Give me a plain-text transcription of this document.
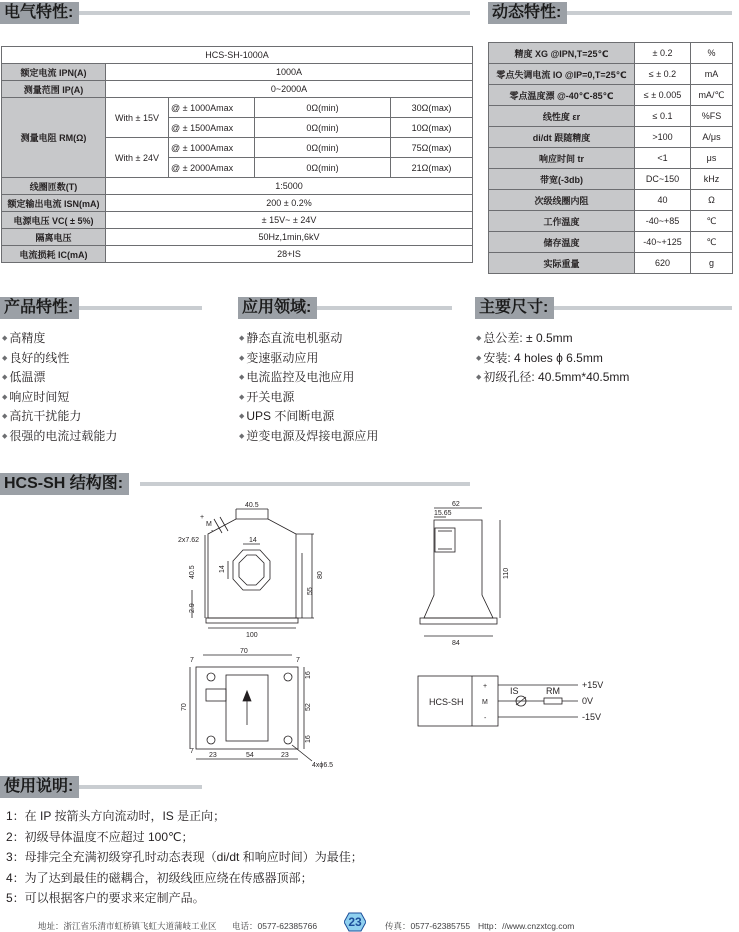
电气特性:	动态特性:
HCS-SH-1000A				
额定电流 IPN(A)	1000A			
测量范围 IP(A)	0~2000A			
测量电阻 RM(Ω)	With ± 15V	@ ± 1000Amax	0Ω(min)	30Ω(max)
		@ ± 1500Amax	0Ω(min)	10Ω(max)
	With ± 24V	@ ± 1000Amax	0Ω(min)	75Ω(max)
		@ ± 2000Amax	0Ω(min)	21Ω(max)
线圈匝数(T)	1:5000			
额定输出电流 ISN(mA)	200 ± 0.2%			
电源电压 VC( ± 5%)	± 15V~ ± 24V			
隔离电压	50Hz,1min,6kV			
电流损耗 IC(mA)	28+IS			
精度 XG @IPN,T=25℃	± 0.2	%
零点失调电流 IO @IP=0,T=25℃	≤ ± 0.2	mA
零点温度漂 @-40℃-85℃	≤ ± 0.005	mA/℃
线性度 εr	≤ 0.1	%FS
di/dt 跟随精度	>100	A/μs
响应时间 tr	<1	μs
带宽(-3db)	DC~150	kHz
次级线圈内阻	40	Ω
工作温度	-40~+85	℃
储存温度	-40~+125	℃
实际重量	620	g
产品特性:	应用领域:	主要尺寸:
◆ 高精度
◆ 良好的线性
◆ 低温漂
◆ 响应时间短
◆ 高抗干扰能力
◆ 很强的电流过载能力
◆ 静态直流电机驱动
◆ 变速驱动应用
◆ 电流监控及电池应用
◆ 开关电源
◆ UPS 不间断电源
◆ 逆变电源及焊接电源应用
◆ 总公差: ± 0.5mm
◆ 安装: 4 holes ϕ 6.5mm
◆ 初级孔径: 40.5mm*40.5mm
HCS-SH 结构图:
40.5
14
14
40.5	80
55
2.9
100
2x7.62
+
M
-
62
15.65
110
84
7
70
7
70
16
52
16
7
23	54	23
4xϕ6.5
HCS-SH
+
M
-
IS	RM
+15V
0V
-15V
使用说明:
1：在 IP 按箭头方向流动时，IS 是正向；
2：初级导体温度不应超过 100℃；
3：母排完全充满初级穿孔时动态表现（di/dt 和响应时间）为最佳；
4：为了达到最佳的磁耦合，初级线匝应绕在传感器顶部；
5：可以根据客户的要求来定制产品。
地址：浙江省乐清市虹桥镇飞虹大道蒲岐工业区 电话：0577-62385766	23	传真：0577-62385755 Http：//www.cnzxtcg.com
